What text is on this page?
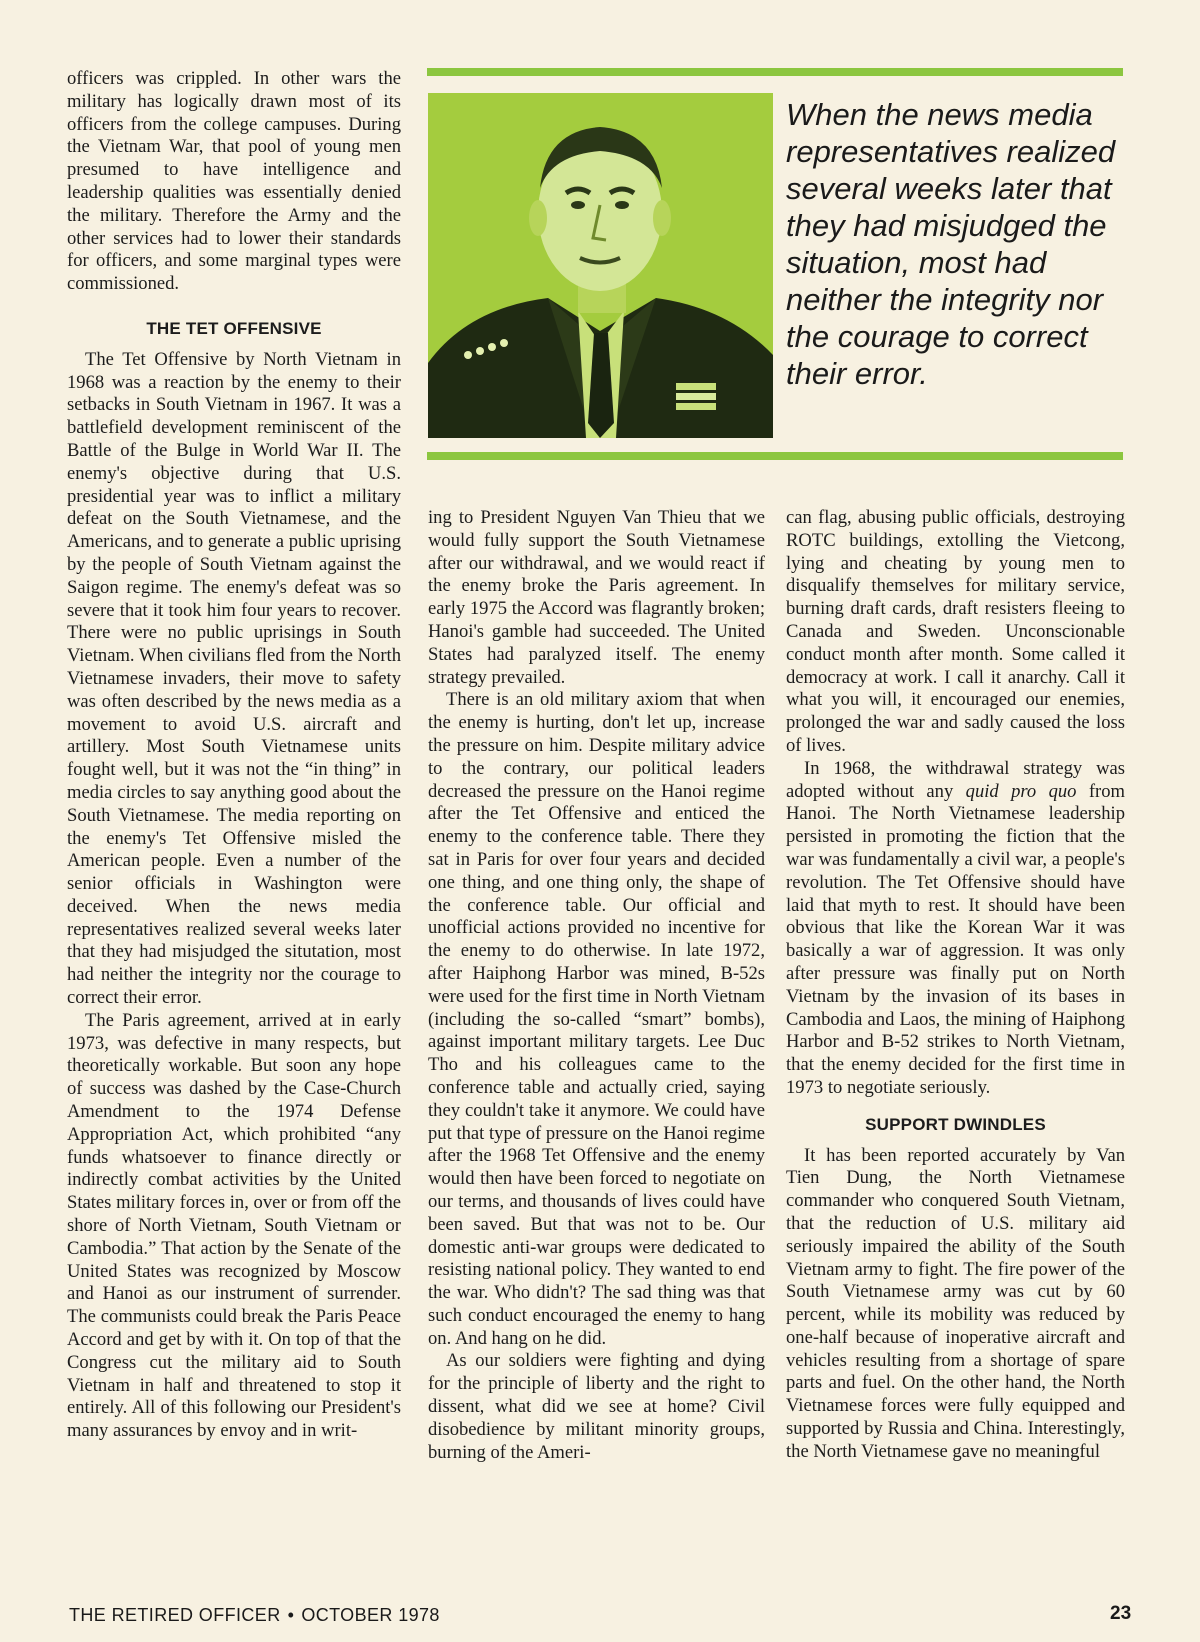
officers was crippled. In other wars the military has logically drawn most of its officers from the college campuses. During the Vietnam War, that pool of young men presumed to have intelligence and leadership qualities was essentially denied the military. Therefore the Army and the other services had to lower their standards for officers, and some marginal types were commissioned.

THE TET OFFENSIVE

The Tet Offensive by North Vietnam in 1968 was a reaction by the enemy to their setbacks in South Vietnam in 1967. It was a battlefield development reminiscent of the Battle of the Bulge in World War II. The enemy's objective during that U.S. presidential year was to inflict a military defeat on the South Vietnamese, and the Americans, and to generate a public uprising by the people of South Vietnam against the Saigon regime. The enemy's defeat was so severe that it took him four years to recover. There were no public uprisings in South Vietnam. When civilians fled from the North Vietnamese invaders, their move to safety was often described by the news media as a movement to avoid U.S. aircraft and artillery. Most South Vietnamese units fought well, but it was not the “in thing” in media circles to say anything good about the South Vietnamese. The media reporting on the enemy's Tet Offensive misled the American people. Even a number of the senior officials in Washington were deceived. When the news media representatives realized several weeks later that they had misjudged the situtation, most had neither the integrity nor the courage to correct their error.

The Paris agreement, arrived at in early 1973, was defective in many respects, but theoretically workable. But soon any hope of success was dashed by the Case-Church Amendment to the 1974 Defense Appropriation Act, which prohibited “any funds whatsoever to finance directly or indirectly combat activities by the United States military forces in, over or from off the shore of North Vietnam, South Vietnam or Cambodia.” That action by the Senate of the United States was recognized by Moscow and Hanoi as our instrument of surrender. The communists could break the Paris Peace Accord and get by with it. On top of that the Congress cut the military aid to South Vietnam in half and threatened to stop it entirely. All of this following our President's many assurances by envoy and in writ-

When the news media representatives realized several weeks later that they had misjudged the situation, most had neither the integrity nor the courage to correct their error.

ing to President Nguyen Van Thieu that we would fully support the South Vietnamese after our withdrawal, and we would react if the enemy broke the Paris agreement. In early 1975 the Accord was flagrantly broken; Hanoi's gamble had succeeded. The United States had paralyzed itself. The enemy strategy prevailed.

There is an old military axiom that when the enemy is hurting, don't let up, increase the pressure on him. Despite military advice to the contrary, our political leaders decreased the pressure on the Hanoi regime after the Tet Offensive and enticed the enemy to the conference table. There they sat in Paris for over four years and decided one thing, and one thing only, the shape of the conference table. Our official and unofficial actions provided no incentive for the enemy to do otherwise. In late 1972, after Haiphong Harbor was mined, B-52s were used for the first time in North Vietnam (including the so-called “smart” bombs), against important military targets. Lee Duc Tho and his colleagues came to the conference table and actually cried, saying they couldn't take it anymore. We could have put that type of pressure on the Hanoi regime after the 1968 Tet Offensive and the enemy would then have been forced to negotiate on our terms, and thousands of lives could have been saved. But that was not to be. Our domestic anti-war groups were dedicated to resisting national policy. They wanted to end the war. Who didn't? The sad thing was that such conduct encouraged the enemy to hang on. And hang on he did.

As our soldiers were fighting and dying for the principle of liberty and the right to dissent, what did we see at home? Civil disobedience by militant minority groups, burning of the Ameri-

can flag, abusing public officials, destroying ROTC buildings, extolling the Vietcong, lying and cheating by young men to disqualify themselves for military service, burning draft cards, draft resisters fleeing to Canada and Sweden. Unconscionable conduct month after month. Some called it democracy at work. I call it anarchy. Call it what you will, it encouraged our enemies, prolonged the war and sadly caused the loss of lives.

In 1968, the withdrawal strategy was adopted without any quid pro quo from Hanoi. The North Vietnamese leadership persisted in promoting the fiction that the war was fundamentally a civil war, a people's revolution. The Tet Offensive should have laid that myth to rest. It should have been obvious that like the Korean War it was basically a war of aggression. It was only after pressure was finally put on North Vietnam by the invasion of its bases in Cambodia and Laos, the mining of Haiphong Harbor and B-52 strikes to North Vietnam, that the enemy decided for the first time in 1973 to negotiate seriously.

SUPPORT DWINDLES

It has been reported accurately by Van Tien Dung, the North Vietnamese commander who conquered South Vietnam, that the reduction of U.S. military aid seriously impaired the ability of the South Vietnam army to fight. The fire power of the South Vietnamese army was cut by 60 percent, while its mobility was reduced by one-half because of inoperative aircraft and vehicles resulting from a shortage of spare parts and fuel. On the other hand, the North Vietnamese forces were fully equipped and supported by Russia and China. Interestingly, the North Vietnamese gave no meaningful

THE RETIRED OFFICER • OCTOBER 1978	23
